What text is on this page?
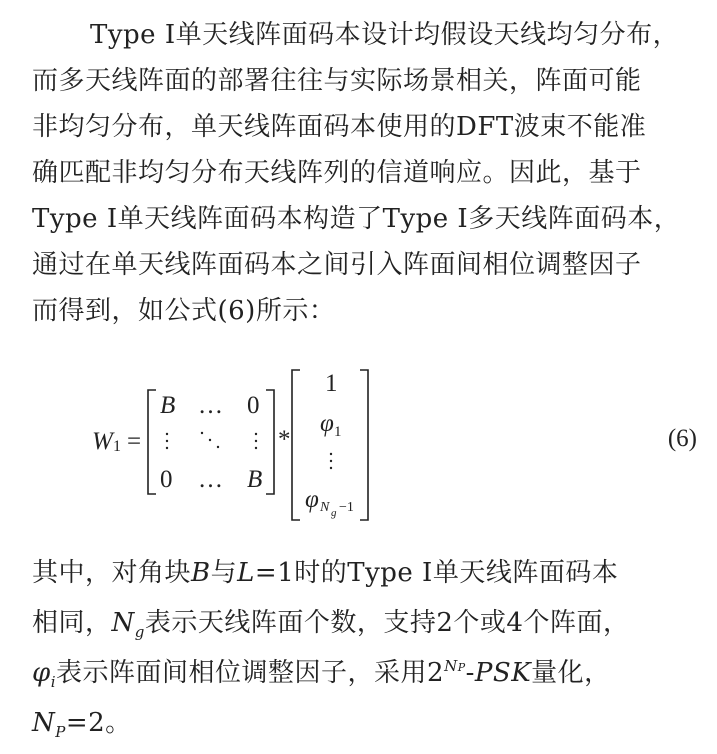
Type I单天线阵面码本设计均假设天线均匀分布，
而多天线阵面的部署往往与实际场景相关，阵面可能
非均匀分布，单天线阵面码本使用的DFT波束不能准
确匹配非均匀分布天线阵列的信道响应。因此，基于
Type I单天线阵面码本构造了Type I多天线阵面码本，
通过在单天线阵面码本之间引入阵面间相位调整因子
而得到，如公式(6)所示：
W 1 =
B … 0
0 … B
*
1
φ 1
φ N g −1
(6)
其中，对角块B与L=1时的Type I单天线阵面码本
相同，$N_g$表示天线阵面个数，支持2个或4个阵面，
$\varphi_i$表示阵面间相位调整因子，采用$2^{NP}$-PSK量化，
$N_P=2$。
